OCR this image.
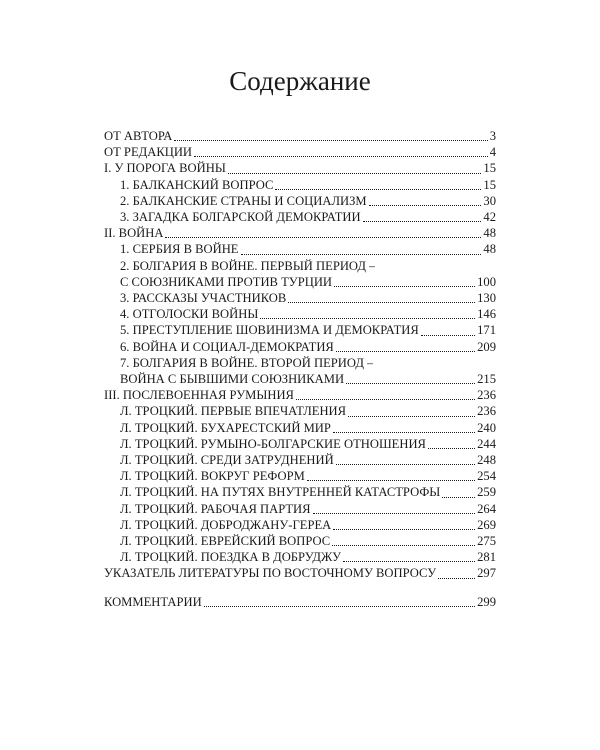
Содержание
ОТ АВТОРА	3
ОТ РЕДАКЦИИ	4
I. У ПОРОГА ВОЙНЫ	15
1. БАЛКАНСКИЙ ВОПРОС	15
2. БАЛКАНСКИЕ СТРАНЫ И СОЦИАЛИЗМ	30
3. ЗАГАДКА БОЛГАРСКОЙ ДЕМОКРАТИИ	42
II. ВОЙНА	48
1. СЕРБИЯ В ВОЙНЕ	48
2. БОЛГАРИЯ В ВОЙНЕ. ПЕРВЫЙ ПЕРИОД –
С СОЮЗНИКАМИ ПРОТИВ ТУРЦИИ	100
3. РАССКАЗЫ УЧАСТНИКОВ	130
4. ОТГОЛОСКИ ВОЙНЫ	146
5. ПРЕСТУПЛЕНИЕ ШОВИНИЗМА И ДЕМОКРАТИЯ	171
6. ВОЙНА И СОЦИАЛ-ДЕМОКРАТИЯ	209
7. БОЛГАРИЯ В ВОЙНЕ. ВТОРОЙ ПЕРИОД –
ВОЙНА С БЫВШИМИ СОЮЗНИКАМИ	215
III. ПОСЛЕВОЕННАЯ РУМЫНИЯ	236
Л. ТРОЦКИЙ. ПЕРВЫЕ ВПЕЧАТЛЕНИЯ	236
Л. ТРОЦКИЙ. БУХАРЕСТСКИЙ МИР	240
Л. ТРОЦКИЙ. РУМЫНО-БОЛГАРСКИЕ ОТНОШЕНИЯ	244
Л. ТРОЦКИЙ. СРЕДИ ЗАТРУДНЕНИЙ	248
Л. ТРОЦКИЙ. ВОКРУГ РЕФОРМ	254
Л. ТРОЦКИЙ. НА ПУТЯХ ВНУТРЕННЕЙ КАТАСТРОФЫ	259
Л. ТРОЦКИЙ. РАБОЧАЯ ПАРТИЯ	264
Л. ТРОЦКИЙ. ДОБРОДЖАНУ-ГЕРЕА	269
Л. ТРОЦКИЙ. ЕВРЕЙСКИЙ ВОПРОС	275
Л. ТРОЦКИЙ. ПОЕЗДКА В ДОБРУДЖУ	281
УКАЗАТЕЛЬ ЛИТЕРАТУРЫ ПО ВОСТОЧНОМУ ВОПРОСУ	297
КОММЕНТАРИИ	299
